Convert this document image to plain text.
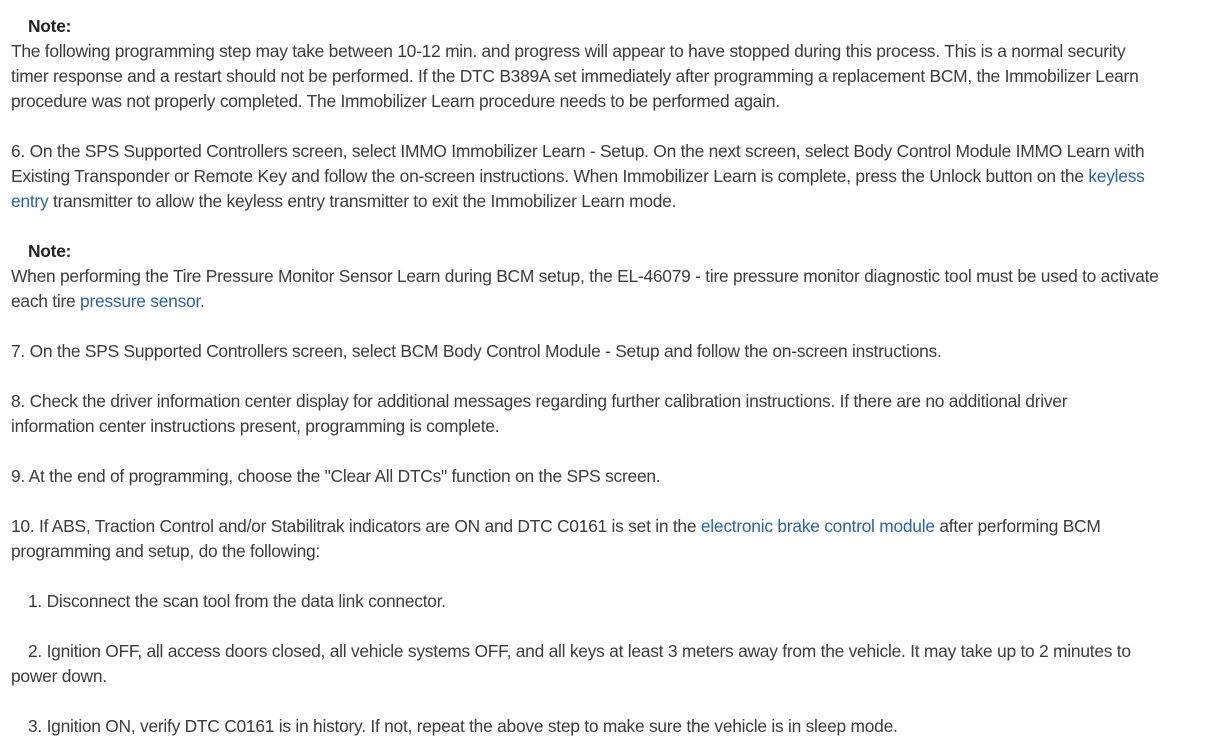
Note:
The following programming step may take between 10-12 min. and progress will appear to have stopped during this process. This is a normal security
timer response and a restart should not be performed. If the DTC B389A set immediately after programming a replacement BCM, the Immobilizer Learn
procedure was not properly completed. The Immobilizer Learn procedure needs to be performed again.
6. On the SPS Supported Controllers screen, select IMMO Immobilizer Learn - Setup. On the next screen, select Body Control Module IMMO Learn with
Existing Transponder or Remote Key and follow the on-screen instructions. When Immobilizer Learn is complete, press the Unlock button on the keyless
entry transmitter to allow the keyless entry transmitter to exit the Immobilizer Learn mode.
Note:
When performing the Tire Pressure Monitor Sensor Learn during BCM setup, the EL-46079 - tire pressure monitor diagnostic tool must be used to activate
each tire pressure sensor.
7. On the SPS Supported Controllers screen, select BCM Body Control Module - Setup and follow the on-screen instructions.
8. Check the driver information center display for additional messages regarding further calibration instructions. If there are no additional driver
information center instructions present, programming is complete.
9. At the end of programming, choose the "Clear All DTCs" function on the SPS screen.
10. If ABS, Traction Control and/or Stabilitrak indicators are ON and DTC C0161 is set in the electronic brake control module after performing BCM
programming and setup, do the following:
1. Disconnect the scan tool from the data link connector.
2. Ignition OFF, all access doors closed, all vehicle systems OFF, and all keys at least 3 meters away from the vehicle. It may take up to 2 minutes to
power down.
3. Ignition ON, verify DTC C0161 is in history. If not, repeat the above step to make sure the vehicle is in sleep mode.
